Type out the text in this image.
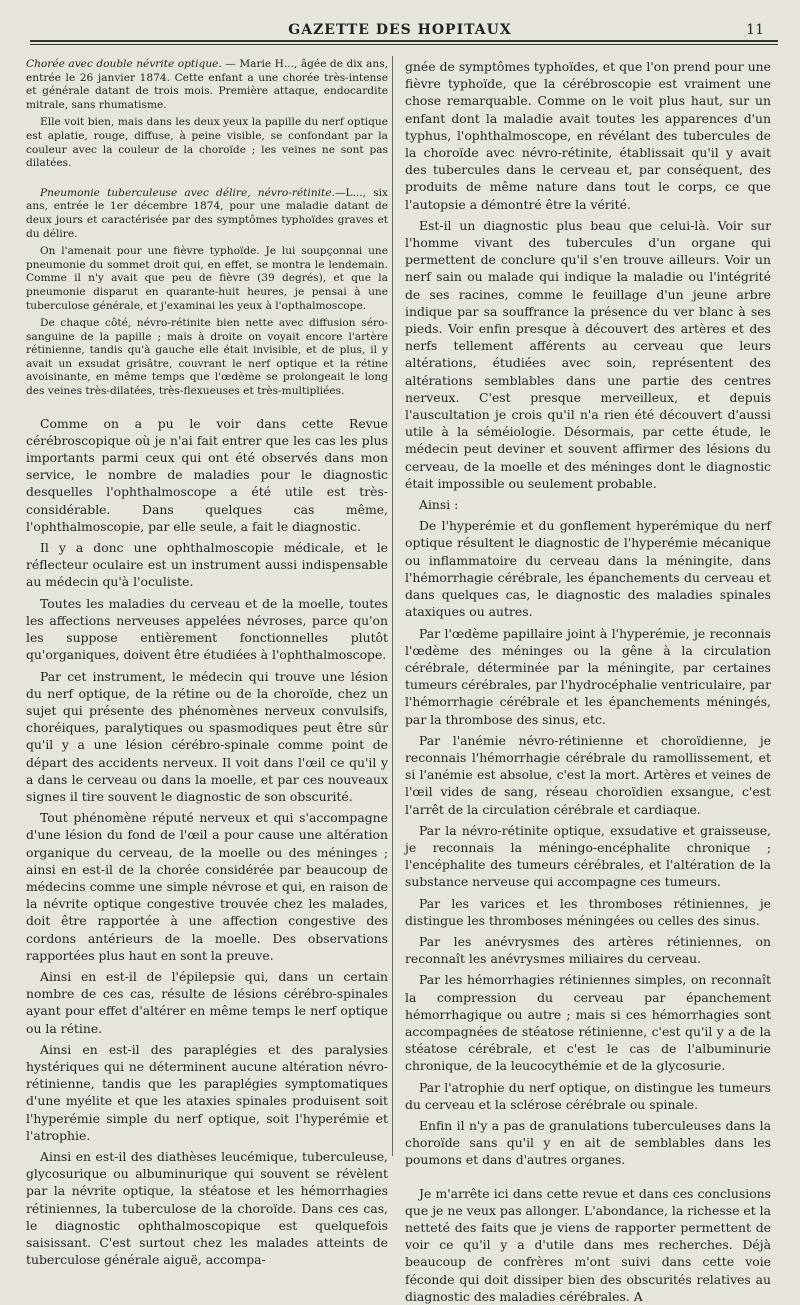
GAZETTE DES HOPITAUX	11

Chorée avec double névrite optique. — Marie H..., âgée de dix ans, entrée le 26 janvier 1874. Cette enfant a une chorée très-intense et générale datant de trois mois. Première attaque, endocardite mitrale, sans rhumatisme.

Elle voit bien, mais dans les deux yeux la papille du nerf optique est aplatie, rouge, diffuse, à peine visible, se confondant par la couleur avec la couleur de la choroïde ; les veines ne sont pas dilatées.

Pneumonie tuberculeuse avec délire, névro-rétinite.—L..., six ans, entrée le 1er décembre 1874, pour une maladie datant de deux jours et caractérisée par des symptômes typhoïdes graves et du délire.

On l'amenait pour une fièvre typhoïde. Je lui soupçonnai une pneumonie du sommet droit qui, en effet, se montra le lendemain. Comme il n'y avait que peu de fièvre (39 degrés), et que la pneumonie disparut en quarante-huit heures, je pensai à une tuberculose générale, et j'examinai les yeux à l'opthalmoscope.

De chaque côté, névro-rétinite bien nette avec diffusion séro-sanguine de la papille ; mais à droite on voyait encore l'artère rétinienne, tandis qu'à gauche elle était invisible, et de plus, il y avait un exsudat grisâtre, couvrant le nerf optique et la rétine avoisinante, en même temps que l'œdème se prolongeait le long des veines très-dilatées, très-flexueuses et très-multipliées.

Comme on a pu le voir dans cette Revue cérébroscopique où je n'ai fait entrer que les cas les plus importants parmi ceux qui ont été observés dans mon service, le nombre de maladies pour le diagnostic desquelles l'ophthalmoscope a été utile est très-considérable. Dans quelques cas même, l'ophthalmoscopie, par elle seule, a fait le diagnostic.

Il y a donc une ophthalmoscopie médicale, et le réflecteur oculaire est un instrument aussi indispensable au médecin qu'à l'oculiste.

Toutes les maladies du cerveau et de la moelle, toutes les affections nerveuses appelées névroses, parce qu'on les suppose entièrement fonctionnelles plutôt qu'organiques, doivent être étudiées à l'ophthalmoscope.

Par cet instrument, le médecin qui trouve une lésion du nerf optique, de la rétine ou de la choroïde, chez un sujet qui présente des phénomènes nerveux convulsifs, choréiques, paralytiques ou spasmodiques peut être sûr qu'il y a une lésion cérébro-spinale comme point de départ des accidents nerveux. Il voit dans l'œil ce qu'il y a dans le cerveau ou dans la moelle, et par ces nouveaux signes il tire souvent le diagnostic de son obscurité.

Tout phénomène réputé nerveux et qui s'accompagne d'une lésion du fond de l'œil a pour cause une altération organique du cerveau, de la moelle ou des méninges ; ainsi en est-il de la chorée considérée par beaucoup de médecins comme une simple névrose et qui, en raison de la névrite optique congestive trouvée chez les malades, doit être rapportée à une affection congestive des cordons antérieurs de la moelle. Des observations rapportées plus haut en sont la preuve.

Ainsi en est-il de l'épilepsie qui, dans un certain nombre de ces cas, résulte de lésions cérébro-spinales ayant pour effet d'altérer en même temps le nerf optique ou la rétine.

Ainsi en est-il des paraplégies et des paralysies hystériques qui ne déterminent aucune altération névro-rétinienne, tandis que les paraplégies symptomatiques d'une myélite et que les ataxies spinales produisent soit l'hyperémie simple du nerf optique, soit l'hyperémie et l'atrophie.

Ainsi en est-il des diathèses leucémique, tuberculeuse, glycosurique ou albuminurique qui souvent se révèlent par la névrite optique, la stéatose et les hémorrhagies rétiniennes, la tuberculose de la choroïde. Dans ces cas, le diagnostic ophthalmoscopique est quelquefois saisissant. C'est surtout chez les malades atteints de tuberculose générale aiguë, accompa-

gnée de symptômes typhoïdes, et que l'on prend pour une fièvre typhoïde, que la cérébroscopie est vraiment une chose remarquable. Comme on le voit plus haut, sur un enfant dont la maladie avait toutes les apparences d'un typhus, l'ophthalmoscope, en révélant des tubercules de la choroïde avec névro-rétinite, établissait qu'il y avait des tubercules dans le cerveau et, par conséquent, des produits de même nature dans tout le corps, ce que l'autopsie a démontré être la vérité.

Est-il un diagnostic plus beau que celui-là. Voir sur l'homme vivant des tubercules d'un organe qui permettent de conclure qu'il s'en trouve ailleurs. Voir un nerf sain ou malade qui indique la maladie ou l'intégrité de ses racines, comme le feuillage d'un jeune arbre indique par sa souffrance la présence du ver blanc à ses pieds. Voir enfin presque à découvert des artères et des nerfs tellement afférents au cerveau que leurs altérations, étudiées avec soin, représentent des altérations semblables dans une partie des centres nerveux. C'est presque merveilleux, et depuis l'auscultation je crois qu'il n'a rien été découvert d'aussi utile à la séméiologie. Désormais, par cette étude, le médecin peut deviner et souvent affirmer des lésions du cerveau, de la moelle et des méninges dont le diagnostic était impossible ou seulement probable.

Ainsi :

De l'hyperémie et du gonflement hyperémique du nerf optique résultent le diagnostic de l'hyperémie mécanique ou inflammatoire du cerveau dans la méningite, dans l'hémorrhagie cérébrale, les épanchements du cerveau et dans quelques cas, le diagnostic des maladies spinales ataxiques ou autres.

Par l'œdème papillaire joint à l'hyperémie, je reconnais l'œdème des méninges ou la gêne à la circulation cérébrale, déterminée par la méningite, par certaines tumeurs cérébrales, par l'hydrocéphalie ventriculaire, par l'hémorrhagie cérébrale et les épanchements méningés, par la thrombose des sinus, etc.

Par l'anémie névro-rétinienne et choroïdienne, je reconnais l'hémorrhagie cérébrale du ramollissement, et si l'anémie est absolue, c'est la mort. Artères et veines de l'œil vides de sang, réseau choroïdien exsangue, c'est l'arrêt de la circulation cérébrale et cardiaque.

Par la névro-rétinite optique, exsudative et graisseuse, je reconnais la méningo-encéphalite chronique ; l'encéphalite des tumeurs cérébrales, et l'altération de la substance nerveuse qui accompagne ces tumeurs.

Par les varices et les thromboses rétiniennes, je distingue les thromboses méningées ou celles des sinus.

Par les anévrysmes des artères rétiniennes, on reconnaît les anévrysmes miliaires du cerveau.

Par les hémorrhagies rétiniennes simples, on reconnaît la compression du cerveau par épanchement hémorrhagique ou autre ; mais si ces hémorrhagies sont accompagnées de stéatose rétinienne, c'est qu'il y a de la stéatose cérébrale, et c'est le cas de l'albuminurie chronique, de la leucocythémie et de la glycosurie.

Par l'atrophie du nerf optique, on distingue les tumeurs du cerveau et la sclérose cérébrale ou spinale.

Enfin il n'y a pas de granulations tuberculeuses dans la choroïde sans qu'il y en ait de semblables dans les poumons et dans d'autres organes.

Je m'arrête ici dans cette revue et dans ces conclusions que je ne veux pas allonger. L'abondance, la richesse et la netteté des faits que je viens de rapporter permettent de voir ce qu'il y a d'utile dans mes recherches. Déjà beaucoup de confrères m'ont suivi dans cette voie féconde qui doit dissiper bien des obscurités relatives au diagnostic des maladies cérébrales. A
